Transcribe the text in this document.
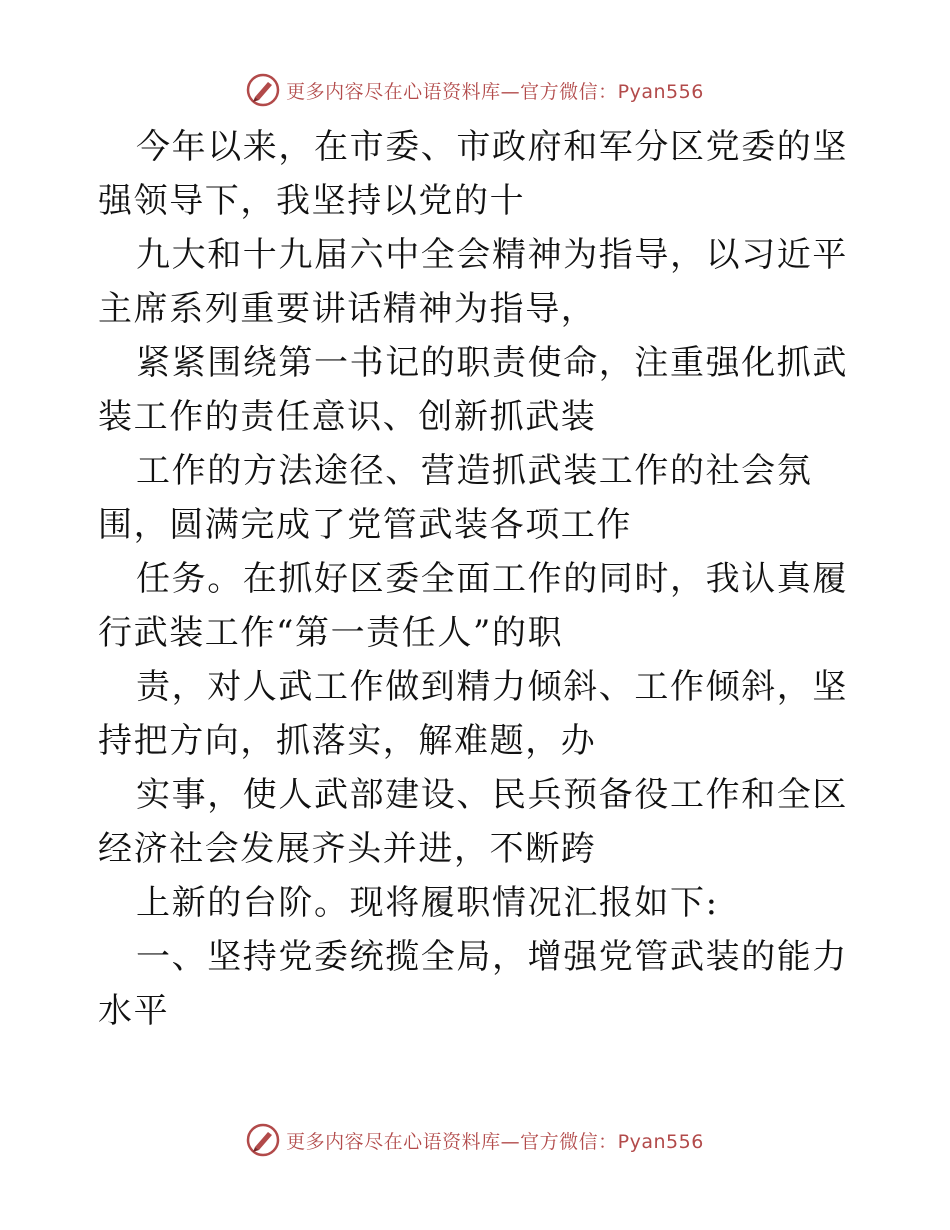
更多内容尽在心语资料库—官方微信：Pyan556

今年以来，在市委、市政府和军分区党委的坚强领导下，我坚持以党的十

九大和十九届六中全会精神为指导，以习近平主席系列重要讲话精神为指导，

紧紧围绕第一书记的职责使命，注重强化抓武装工作的责任意识、创新抓武装

工作的方法途径、营造抓武装工作的社会氛围，圆满完成了党管武装各项工作

任务。在抓好区委全面工作的同时，我认真履行武装工作“第一责任人”的职

责，对人武工作做到精力倾斜、工作倾斜，坚持把方向，抓落实，解难题，办

实事，使人武部建设、民兵预备役工作和全区经济社会发展齐头并进，不断跨

上新的台阶。现将履职情况汇报如下:

一、坚持党委统揽全局，增强党管武装的能力水平

更多内容尽在心语资料库—官方微信：Pyan556
